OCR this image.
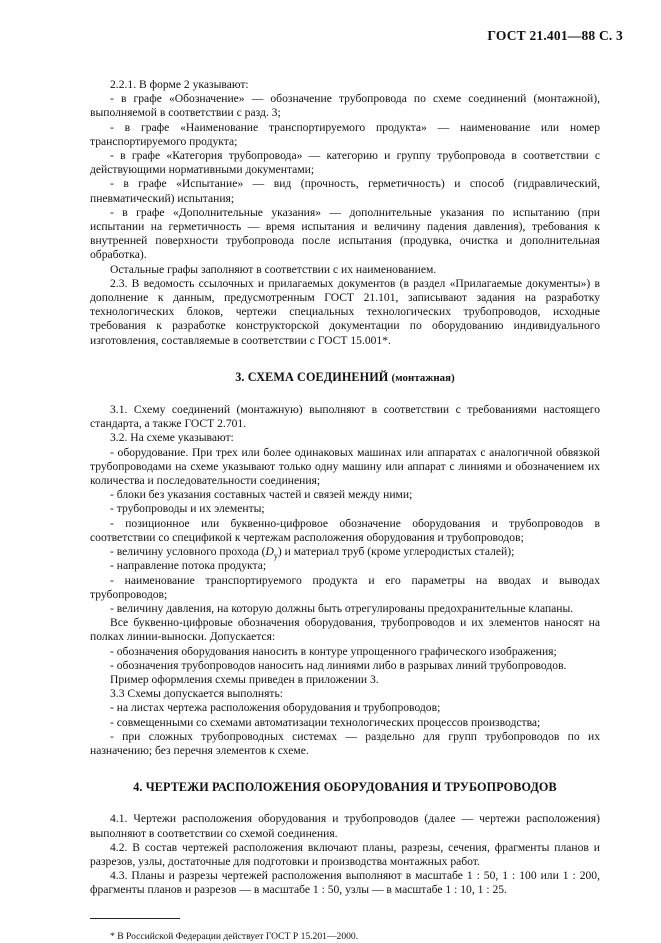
ГОСТ 21.401—88 С. 3

2.2.1. В форме 2 указывают:

- в графе «Обозначение» — обозначение трубопровода по схеме соединений (монтажной), выполняемой в соответствии с разд. 3;

- в графе «Наименование транспортируемого продукта» — наименование или номер транспортируемого продукта;

- в графе «Категория трубопровода» — категорию и группу трубопровода в соответствии с действующими нормативными документами;

- в графе «Испытание» — вид (прочность, герметичность) и способ (гидравлический, пневматический) испытания;

- в графе «Дополнительные указания» — дополнительные указания по испытанию (при испытании на герметичность — время испытания и величину падения давления), требования к внутренней поверхности трубопровода после испытания (продувка, очистка и дополнительная обработка).

Остальные графы заполняют в соответствии с их наименованием.

2.3. В ведомость ссылочных и прилагаемых документов (в раздел «Прилагаемые документы») в дополнение к данным, предусмотренным ГОСТ 21.101, записывают задания на разработку технологических блоков, чертежи специальных технологических трубопроводов, исходные требования к разработке конструкторской документации по оборудованию индивидуального изготовления, составляемые в соответствии с ГОСТ 15.001*.

3. СХЕМА СОЕДИНЕНИЙ (монтажная)

3.1. Схему соединений (монтажную) выполняют в соответствии с требованиями настоящего стандарта, а также ГОСТ 2.701.

3.2. На схеме указывают:

- оборудование. При трех или более одинаковых машинах или аппаратах с аналогичной обвязкой трубопроводами на схеме указывают только одну машину или аппарат с линиями и обозначением их количества и последовательности соединения;

- блоки без указания составных частей и связей между ними;

- трубопроводы и их элементы;

- позиционное или буквенно-цифровое обозначение оборудования и трубопроводов в соответствии со спецификой к чертежам расположения оборудования и трубопроводов;

- величину условного прохода $(D_y)$ и материал труб (кроме углеродистых сталей);

- направление потока продукта;

- наименование транспортируемого продукта и его параметры на вводах и выводах трубопроводов;

- величину давления, на которую должны быть отрегулированы предохранительные клапаны.

Все буквенно-цифровые обозначения оборудования, трубопроводов и их элементов наносят на полках линии-выноски. Допускается:

- обозначения оборудования наносить в контуре упрощенного графического изображения;

- обозначения трубопроводов наносить над линиями либо в разрывах линий трубопроводов.

Пример оформления схемы приведен в приложении 3.

3.3 Схемы допускается выполнять:

- на листах чертежа расположения оборудования и трубопроводов;

- совмещенными со схемами автоматизации технологических процессов производства;

- при сложных трубопроводных системах — раздельно для групп трубопроводов по их назначению; без перечня элементов к схеме.

4. ЧЕРТЕЖИ РАСПОЛОЖЕНИЯ ОБОРУДОВАНИЯ И ТРУБОПРОВОДОВ

4.1. Чертежи расположения оборудования и трубопроводов (далее — чертежи расположения) выполняют в соответствии со схемой соединения.

4.2. В состав чертежей расположения включают планы, разрезы, сечения, фрагменты планов и разрезов, узлы, достаточные для подготовки и производства монтажных работ.

4.3. Планы и разрезы чертежей расположения выполняют в масштабе 1 : 50, 1 : 100 или 1 : 200, фрагменты планов и разрезов — в масштабе 1 : 50, узлы — в масштабе 1 : 10, 1 : 25.

* В Российской Федерации действует ГОСТ Р 15.201—2000.
